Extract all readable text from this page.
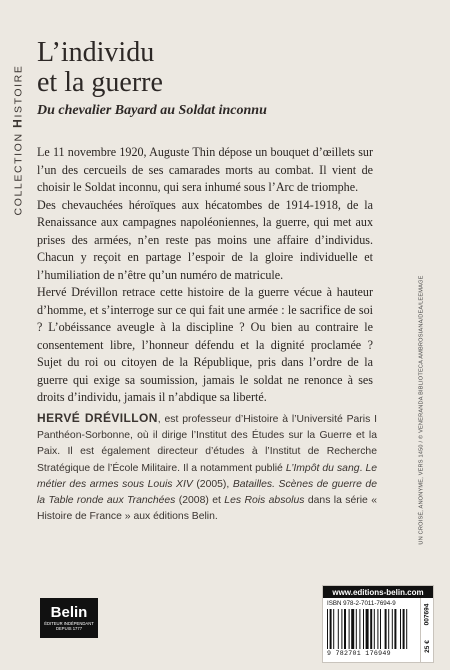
COLLECTION HISTOIRE
L’individu
et la guerre

Du chevalier Bayard au Soldat inconnu

Le 11 novembre 1920, Auguste Thin dépose un bouquet d’œillets sur l’un des cercueils de ses camarades morts au combat. Il vient de choisir le Soldat inconnu, qui sera inhumé sous l’Arc de triomphe.

Des chevauchées héroïques aux hécatombes de 1914-1918, de la Renaissance aux campagnes napoléoniennes, la guerre, qui met aux prises des armées, n’en reste pas moins une affaire d’individus. Chacun y reçoit en partage l’espoir de la gloire individuelle et l’humiliation de n’être qu’un numéro de matricule.

Hervé Drévillon retrace cette histoire de la guerre vécue à hauteur d’homme, et s’interroge sur ce qui fait une armée : le sacrifice de soi ? L’obéissance aveugle à la discipline ? Ou bien au contraire le consentement libre, l’honneur défendu et la dignité proclamée ? Sujet du roi ou citoyen de la République, pris dans l’ordre de la guerre qui exige sa soumission, jamais le soldat ne renonce à ses droits d’individu, jamais il n’abdique sa liberté.

HERVÉ DRÉVILLON, est professeur d’Histoire à l’Université Paris I Panthéon-Sorbonne, où il dirige l’Institut des Études sur la Guerre et la Paix. Il est également directeur d’études à l’Institut de Recherche Stratégique de l’École Militaire. Il a notamment publié L’Impôt du sang. Le métier des armes sous Louis XIV (2005), Batailles. Scènes de guerre de la Table ronde aux Tranchées (2008) et Les Rois absolus dans la série « Histoire de France » aux éditions Belin.	UN CROISÉ, ANONYME, VERS 1450 / © VENERANDA BIBLIOTECA AMBROSIANA/DEA/LEEMAGE
Belin
ÉDITEUR INDÉPENDANT
DEPUIS 1777
www.editions-belin.com
ISBN 978-2-7011-7694-9
9 782701 176949
007694
25 €
